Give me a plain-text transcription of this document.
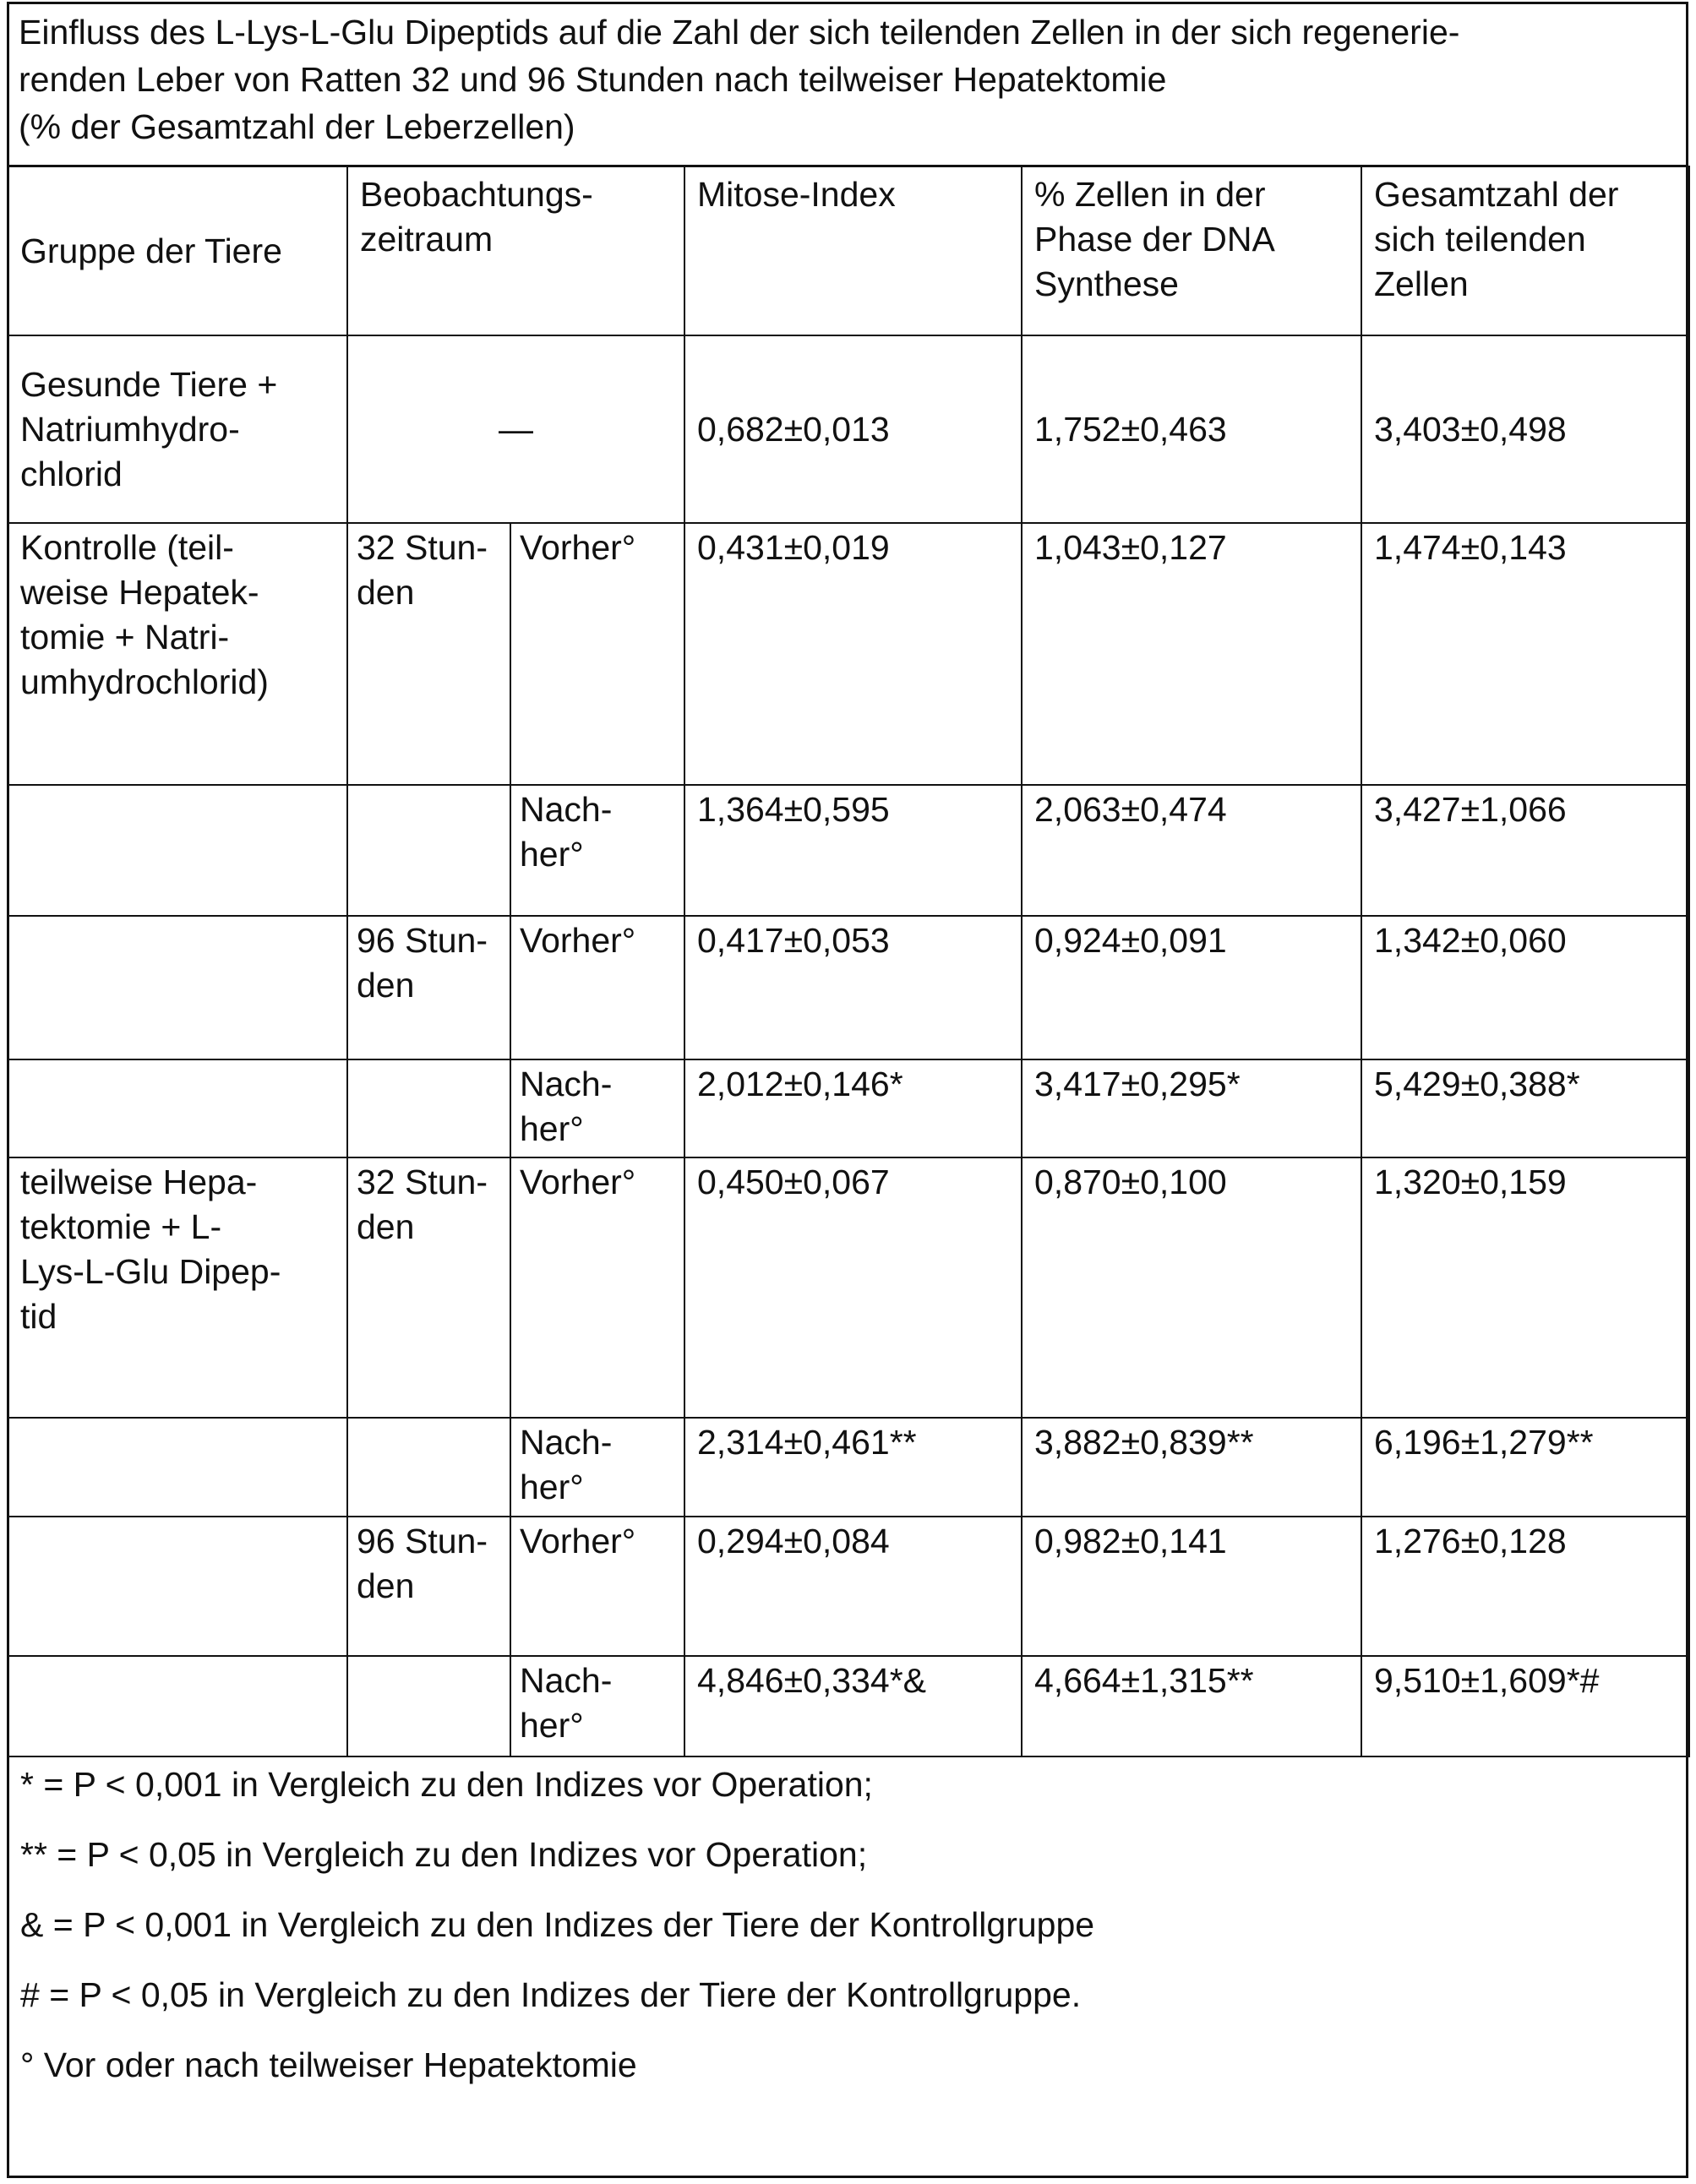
Einfluss des L-Lys-L-Glu Dipeptids auf die Zahl der sich teilenden Zellen in der sich regenerie-
renden Leber von Ratten 32 und 96 Stunden nach teilweiser Hepatektomie
(% der Gesamtzahl der Leberzellen)
Gruppe der Tiere	Beobachtungs-
zeitraum	Mitose-Index	% Zellen in der
Phase der DNA
Synthese	Gesamtzahl der
sich teilenden
Zellen
Gesunde Tiere +
Natriumhydro-
chlorid	—	0,682±0,013	1,752±0,463	3,403±0,498
Kontrolle (teil-
weise Hepatek-
tomie + Natri-
umhydrochlorid)	32 Stun-
den	Vorher°	0,431±0,019	1,043±0,127	1,474±0,143
		Nach-
her°	1,364±0,595	2,063±0,474	3,427±1,066
	96 Stun-
den	Vorher°	0,417±0,053	0,924±0,091	1,342±0,060
		Nach-
her°	2,012±0,146*	3,417±0,295*	5,429±0,388*
teilweise Hepa-
tektomie + L-
Lys-L-Glu Dipep-
tid	32 Stun-
den	Vorher°	0,450±0,067	0,870±0,100	1,320±0,159
		Nach-
her°	2,314±0,461**	3,882±0,839**	6,196±1,279**
	96 Stun-
den	Vorher°	0,294±0,084	0,982±0,141	1,276±0,128
		Nach-
her°	4,846±0,334*&	4,664±1,315**	9,510±1,609*#
* = P < 0,001 in Vergleich zu den Indizes vor Operation;
** = P < 0,05 in Vergleich zu den Indizes vor Operation;
& = P < 0,001 in Vergleich zu den Indizes der Tiere der Kontrollgruppe
# = P < 0,05 in Vergleich zu den Indizes der Tiere der Kontrollgruppe.
° Vor oder nach teilweiser Hepatektomie
